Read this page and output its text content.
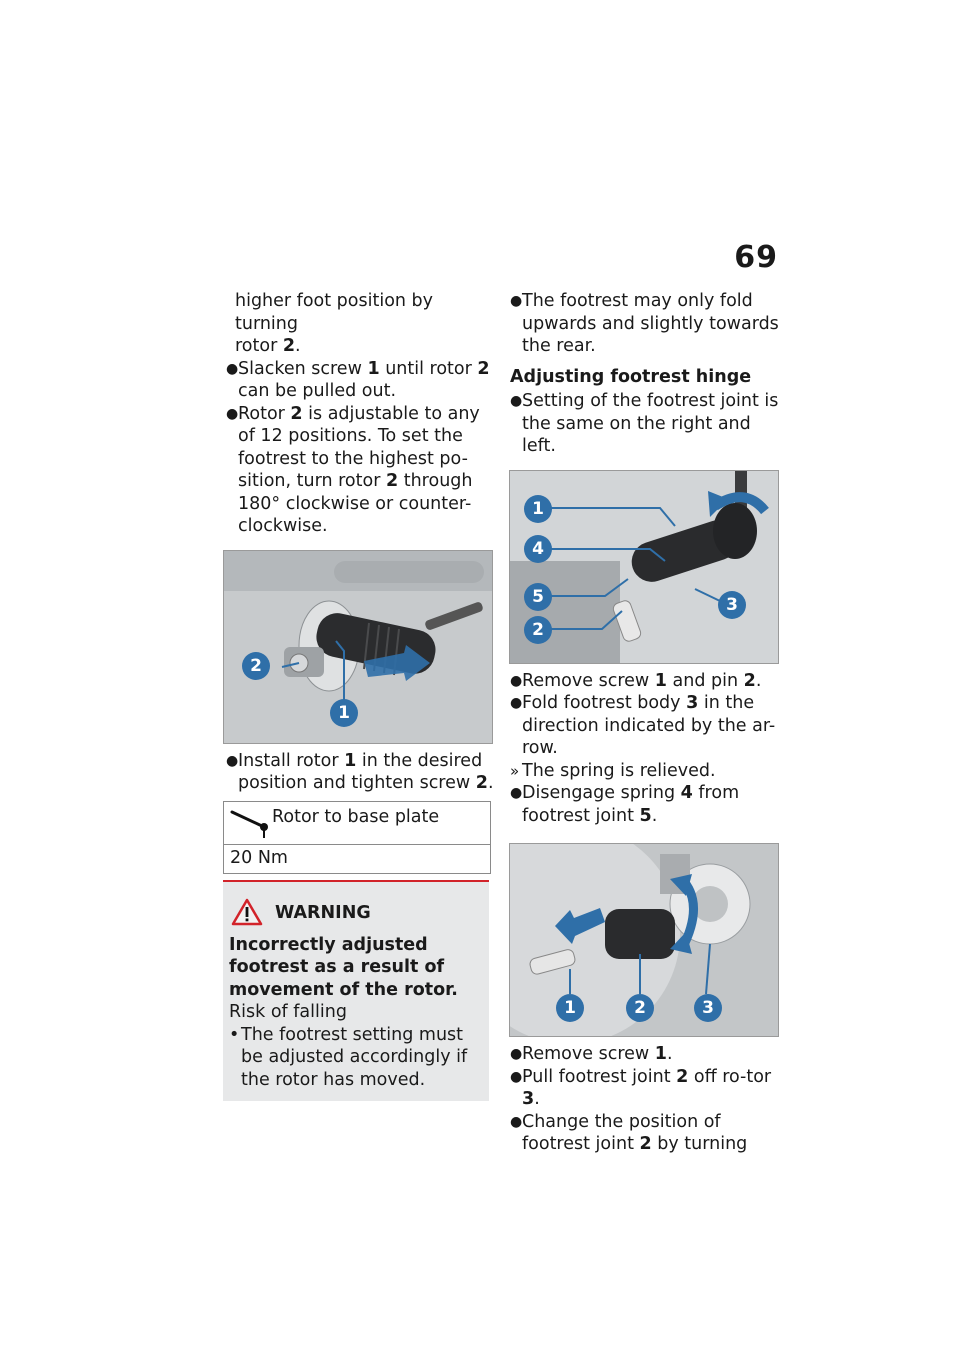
69
higher foot position by turning
rotor 2.
● Slacken screw 1 until rotor 2 can be pulled out.
● Rotor 2 is adjustable to any of 12 positions. To set the footrest to the highest po-sition, turn rotor 2 through 180° clockwise or counter-clockwise.
2
1
● Install rotor 1 in the desired position and tighten screw 2.
Rotor to base plate
20 Nm
WARNING
Incorrectly adjusted footrest as a result of movement of the rotor.
Risk of falling
• The footrest setting must be adjusted accordingly if the rotor has moved.
● The footrest may only fold upwards and slightly towards the rear.
Adjusting footrest hinge
● Setting of the footrest joint is the same on the right and left.
1
4
5
2
3
● Remove screw 1 and pin 2.
● Fold footrest body 3 in the direction indicated by the ar-row.
» The spring is relieved.
● Disengage spring 4 from footrest joint 5.
1	2	3
● Remove screw 1.
● Pull footrest joint 2 off ro-tor 3.
● Change the position of footrest joint 2 by turning
